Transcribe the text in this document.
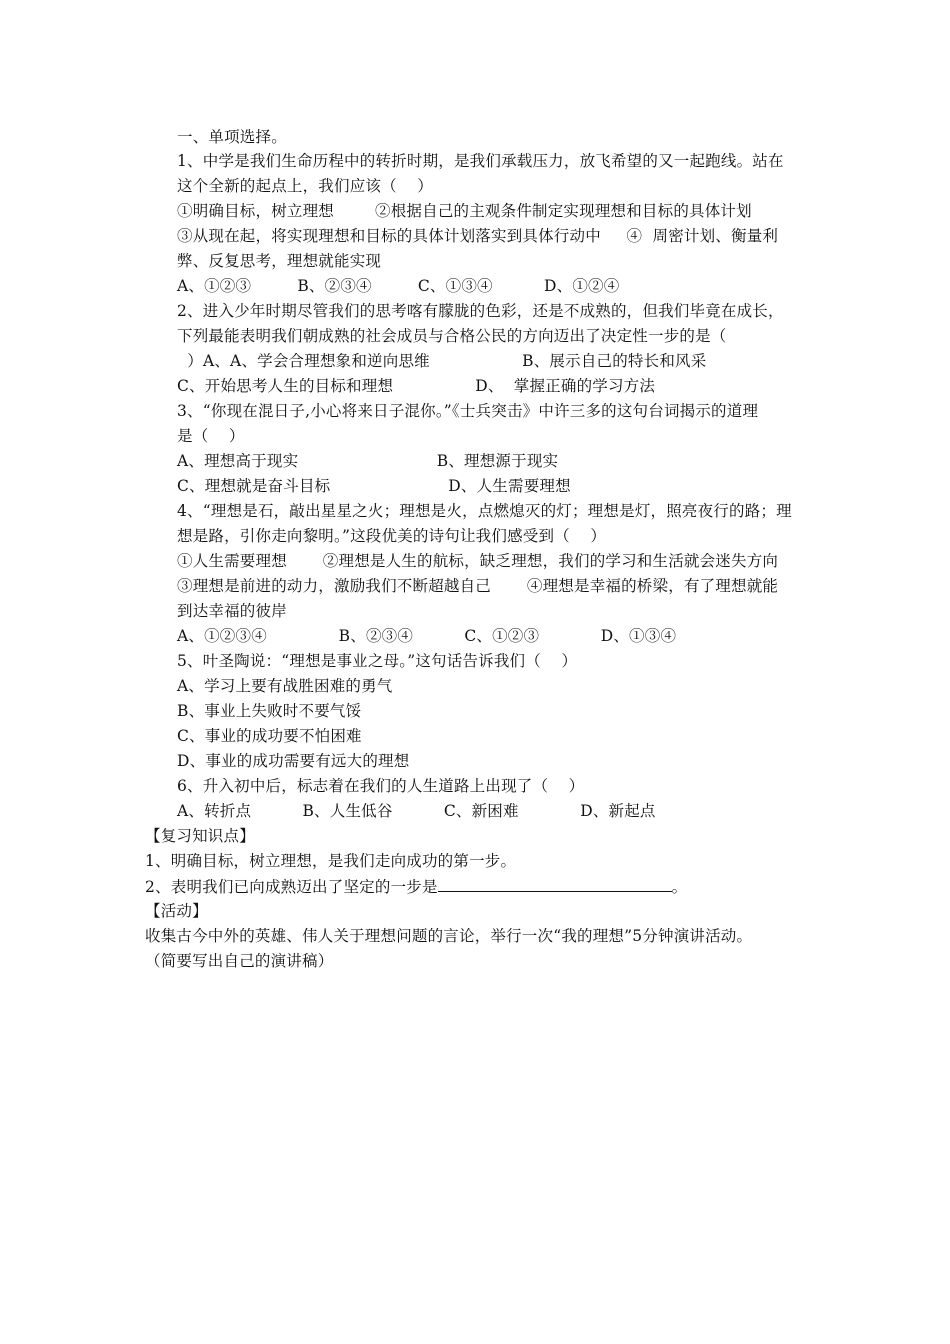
一、单项选择。
1、中学是我们生命历程中的转折时期，是我们承载压力，放飞希望的又一起跑线。站在
这个全新的起点上，我们应该（    ）
①明确目标，树立理想        ②根据自己的主观条件制定实现理想和目标的具体计划
③从现在起，将实现理想和目标的具体计划落实到具体行动中     ④  周密计划、衡量利
弊、反复思考，理想就能实现
A、①②③         B、②③④         C、①③④          D、①②④
2、进入少年时期尽管我们的思考喀有朦胧的色彩，还是不成熟的，但我们毕竟在成长，
下列最能表明我们朝成熟的社会成员与合格公民的方向迈出了决定性一步的是（
）A、A、学会合理想象和逆向思维                  B、展示自己的特长和风采
C、开始思考人生的目标和理想                D、  掌握正确的学习方法
3、“你现在混日子,小心将来日子混你。”《士兵突击》中许三多的这句台词揭示的道理
是（    ）
A、理想高于现实                           B、理想源于现实
C、理想就是奋斗目标                       D、人生需要理想
4、“理想是石，敲出星星之火；理想是火，点燃熄灭的灯；理想是灯，照亮夜行的路；理
想是路，引你走向黎明。”这段优美的诗句让我们感受到（    ）
①人生需要理想       ②理想是人生的航标，缺乏理想，我们的学习和生活就会迷失方向
③理想是前进的动力，激励我们不断超越自己       ④理想是幸福的桥梁，有了理想就能
到达幸福的彼岸
A、①②③④              B、②③④          C、①②③            D、①③④
5、叶圣陶说：“理想是事业之母。”这句话告诉我们（    ）
A、学习上要有战胜困难的勇气
B、事业上失败时不要气馁
C、事业的成功要不怕困难
D、事业的成功需要有远大的理想
6、升入初中后，标志着在我们的人生道路上出现了（    ）
A、转折点          B、人生低谷          C、新困难            D、新起点
【复习知识点】
1、明确目标，树立理想，是我们走向成功的第一步。
2、表明我们已向成熟迈出了坚定的一步是	。
【活动】
收集古今中外的英雄、伟人关于理想问题的言论，举行一次“我的理想”5分钟演讲活动。
（简要写出自己的演讲稿）
